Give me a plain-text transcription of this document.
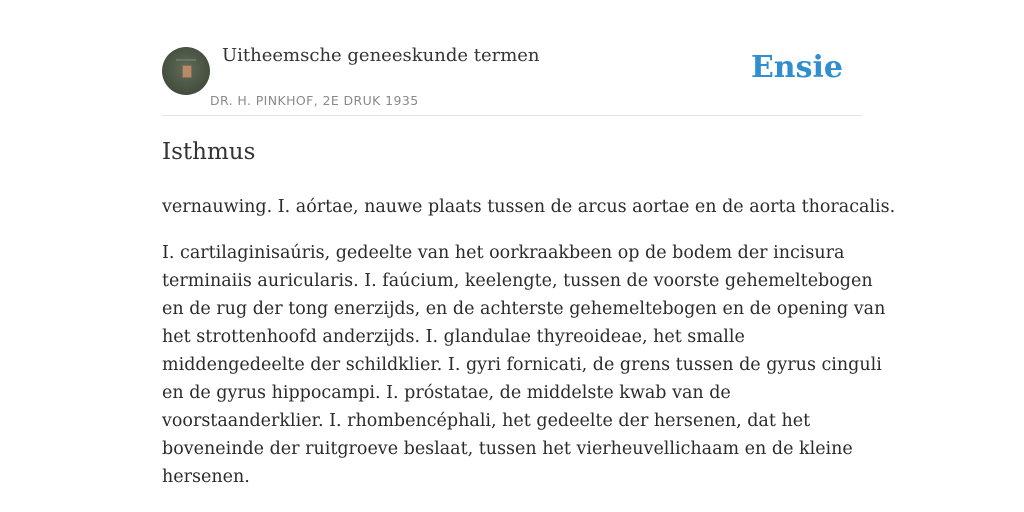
Uitheemsche geneeskunde termen
DR. H. PINKHOF, 2E DRUK 1935
Ensie
Isthmus

vernauwing. I. aórtae, nauwe plaats tussen de arcus aortae en de aorta thoracalis.

I. cartilaginisaúris, gedeelte van het oorkraakbeen op de bodem der incisura
terminaiis auricularis. I. faúcium, keelengte, tussen de voorste gehemeltebogen
en de rug der tong enerzijds, en de achterste gehemeltebogen en de opening van
het strottenhoofd anderzijds. I. glandulae thyreoideae, het smalle
middengedeelte der schildklier. I. gyri fornicati, de grens tussen de gyrus cinguli
en de gyrus hippocampi. I. próstatae, de middelste kwab van de
voorstaanderklier. I. rhombencéphali, het gedeelte der hersenen, dat het
boveneinde der ruitgroeve beslaat, tussen het vierheuvellichaam en de kleine
hersenen.
